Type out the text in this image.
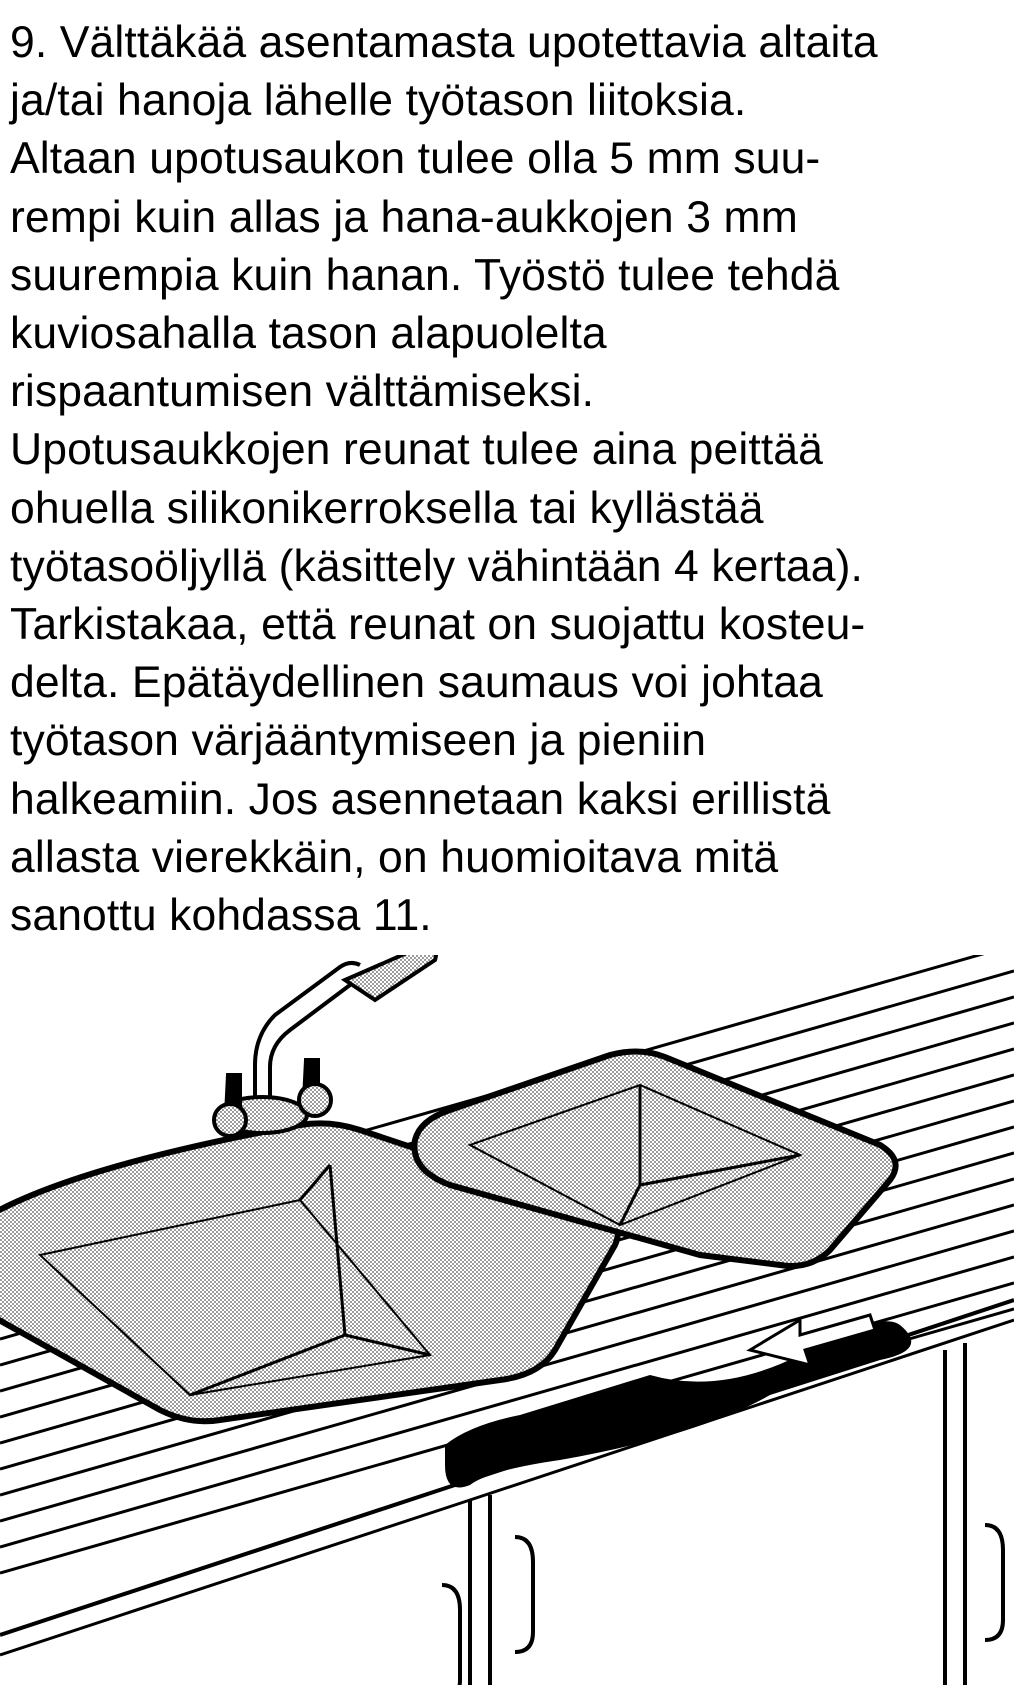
9. Välttäkää asentamasta upotettavia altaita
ja/tai hanoja lähelle työtason liitoksia.
Altaan upotusaukon tulee olla 5 mm suu-
rempi kuin allas ja hana-aukkojen 3 mm
suurempia kuin hanan. Työstö tulee tehdä
kuviosahalla tason alapuolelta
rispaantumisen välttämiseksi.
Upotusaukkojen reunat tulee aina peittää
ohuella silikonikerroksella tai kyllästää
työtasoöljyllä (käsittely vähintään 4 kertaa).
Tarkistakaa, että reunat on suojattu kosteu-
delta. Epätäydellinen saumaus voi johtaa
työtason värjääntymiseen ja pieniin
halkeamiin. Jos asennetaan kaksi erillistä
allasta vierekkäin, on huomioitava mitä
sanottu kohdassa 11.
